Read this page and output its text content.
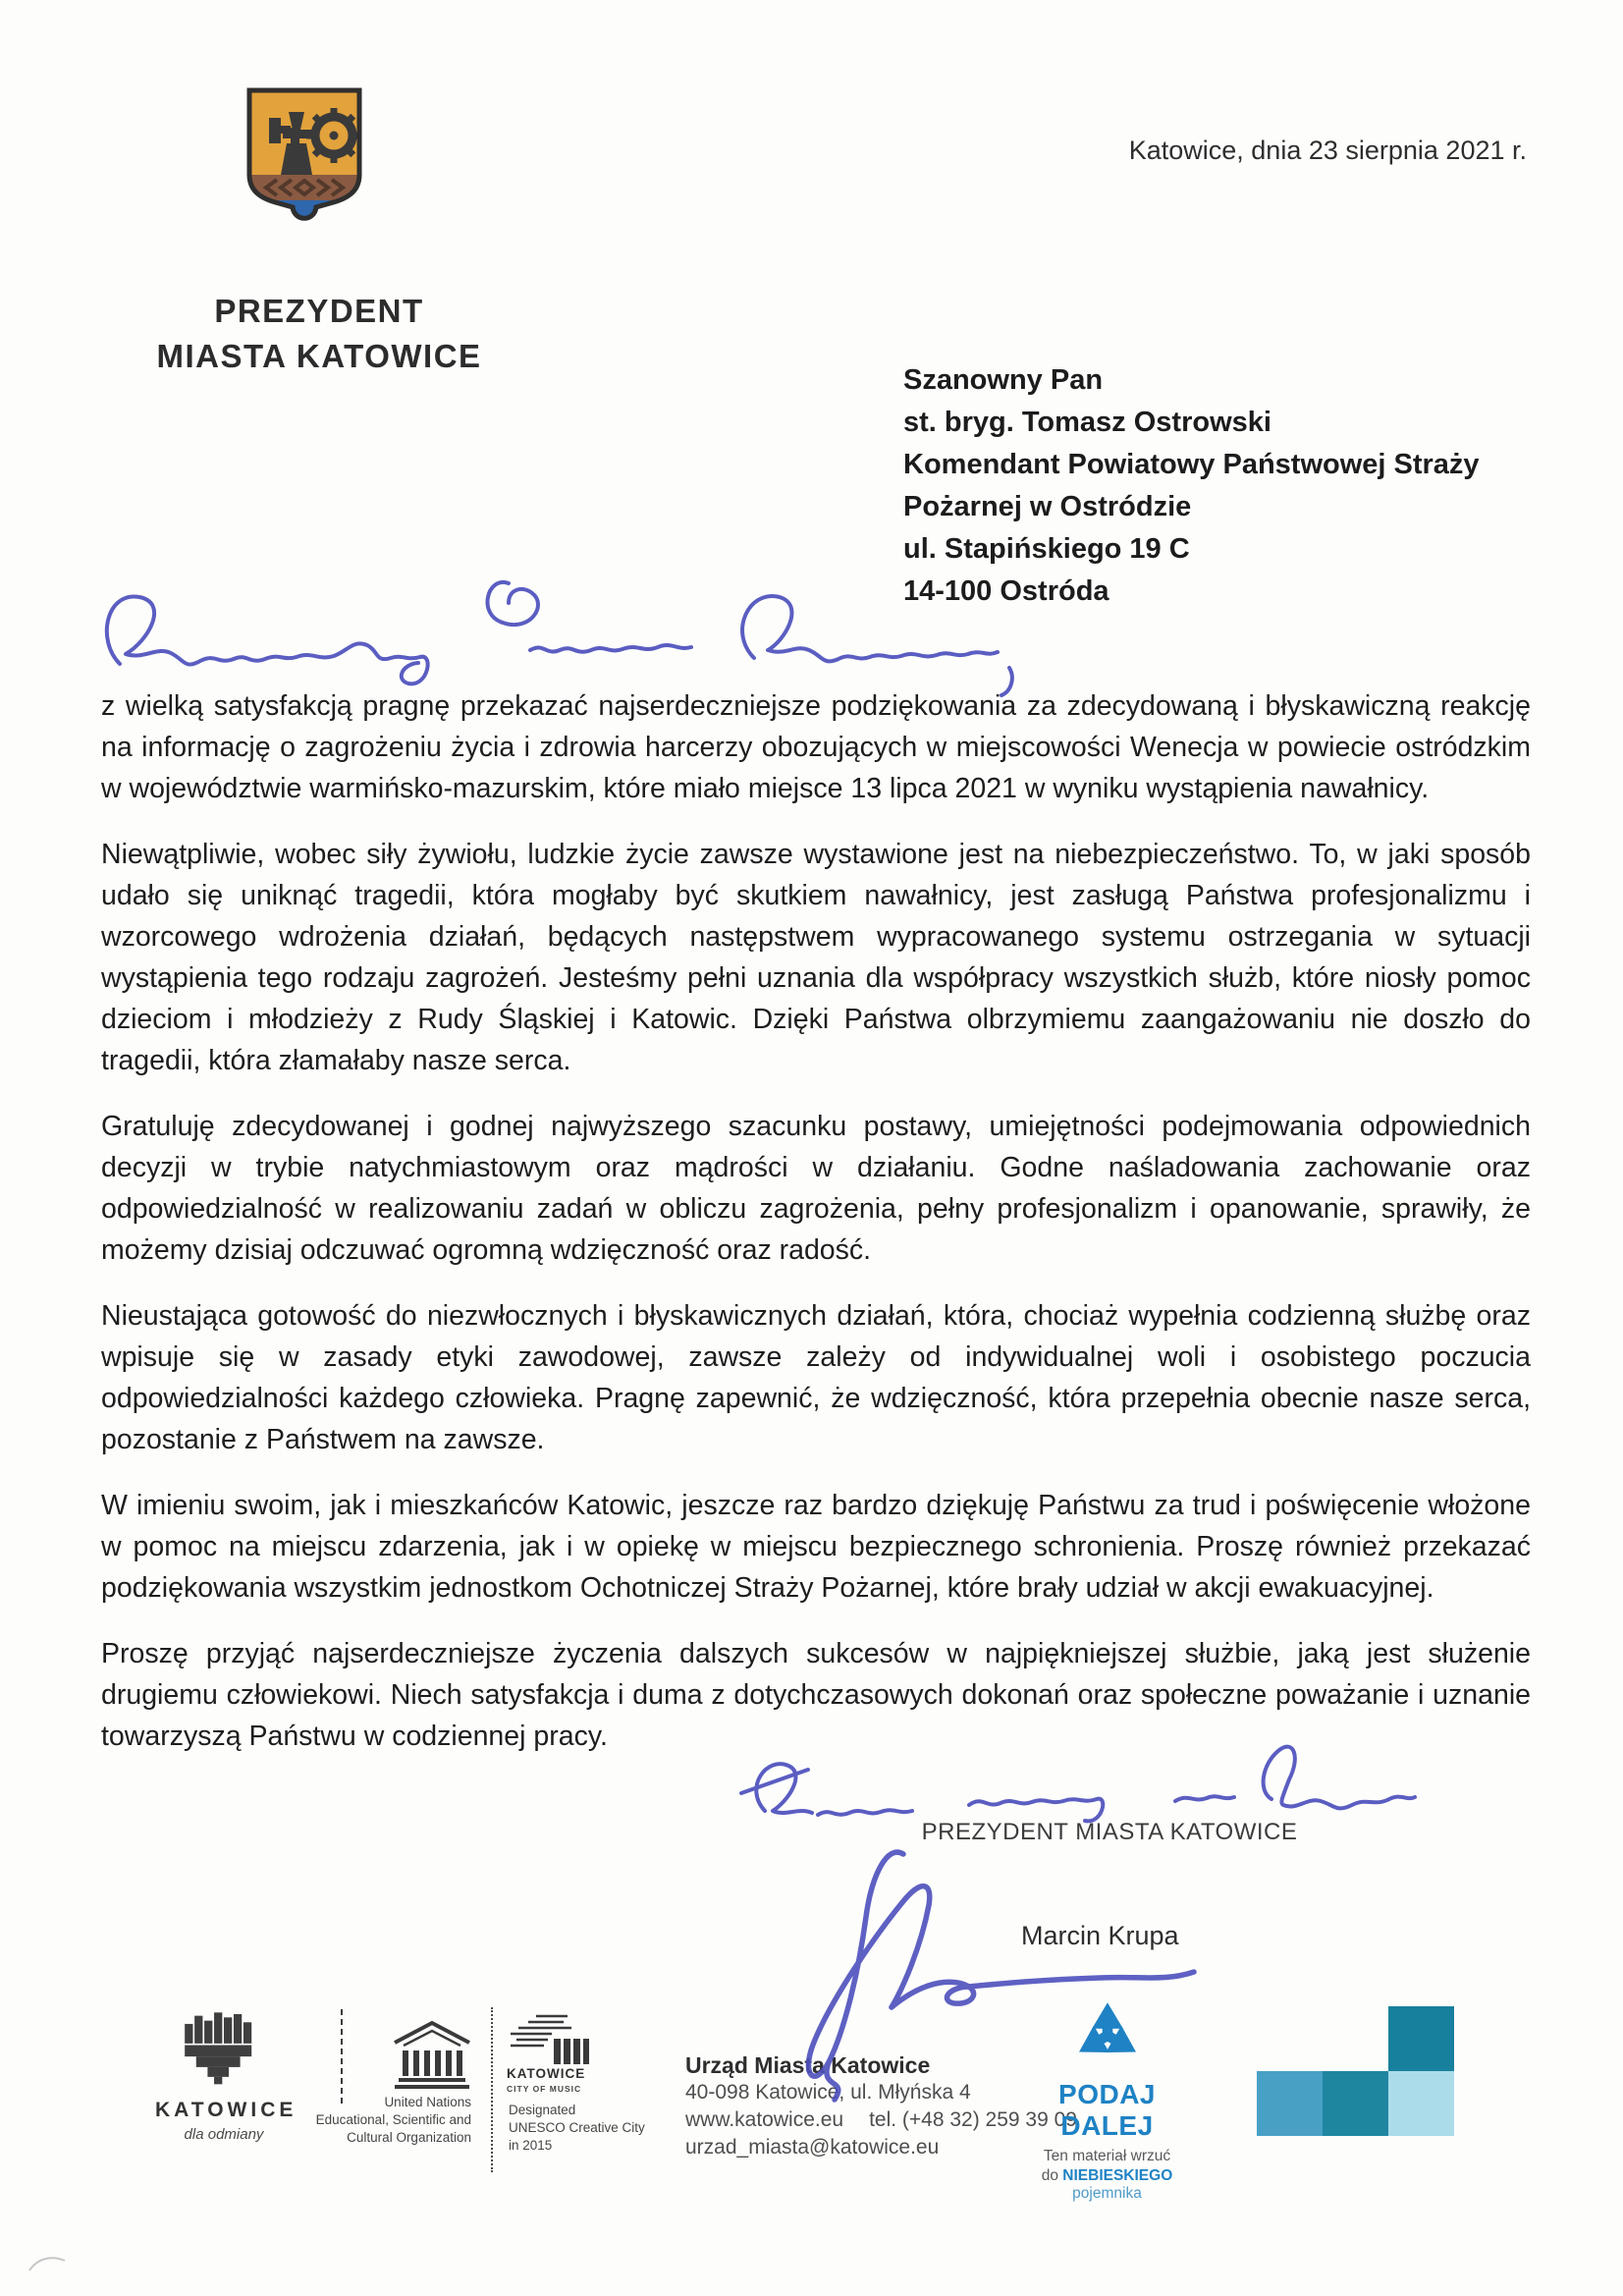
Katowice, dnia 23 sierpnia 2021 r.
PREZYDENT
MIASTA KATOWICE
Szanowny Pan
st. bryg. Tomasz Ostrowski
Komendant Powiatowy Państwowej Straży
Pożarnej w Ostródzie
ul. Stapińskiego 19 C
14-100 Ostróda

z wielką satysfakcją pragnę przekazać najserdeczniejsze podziękowania za zdecydowaną i błyskawiczną reakcję na informację o zagrożeniu życia i zdrowia harcerzy obozujących w miejscowości Wenecja w powiecie ostródzkim w województwie warmińsko-mazurskim, które miało miejsce 13 lipca 2021 w wyniku wystąpienia nawałnicy.

Niewątpliwie, wobec siły żywiołu, ludzkie życie zawsze wystawione jest na niebezpieczeństwo. To, w jaki sposób udało się uniknąć tragedii, która mogłaby być skutkiem nawałnicy, jest zasługą Państwa profesjonalizmu i wzorcowego wdrożenia działań, będących następstwem wypracowanego systemu ostrzegania w sytuacji wystąpienia tego rodzaju zagrożeń. Jesteśmy pełni uznania dla współpracy wszystkich służb, które niosły pomoc dzieciom i młodzieży z Rudy Śląskiej i Katowic. Dzięki Państwa olbrzymiemu zaangażowaniu nie doszło do tragedii, która złamałaby nasze serca.

Gratuluję zdecydowanej i godnej najwyższego szacunku postawy, umiejętności podejmowania odpowiednich decyzji w trybie natychmiastowym oraz mądrości w działaniu. Godne naśladowania zachowanie oraz odpowiedzialność w realizowaniu zadań w obliczu zagrożenia, pełny profesjonalizm i opanowanie, sprawiły, że możemy dzisiaj odczuwać ogromną wdzięczność oraz radość.

Nieustająca gotowość do niezwłocznych i błyskawicznych działań, która, chociaż wypełnia codzienną służbę oraz wpisuje się w zasady etyki zawodowej, zawsze zależy od indywidualnej woli i osobistego poczucia odpowiedzialności każdego człowieka. Pragnę zapewnić, że wdzięczność, która przepełnia obecnie nasze serca, pozostanie z Państwem na zawsze.

W imieniu swoim, jak i mieszkańców Katowic, jeszcze raz bardzo dziękuję Państwu za trud i poświęcenie włożone w pomoc na miejscu zdarzenia, jak i w opiekę w miejscu bezpiecznego schronienia. Proszę również przekazać podziękowania wszystkim jednostkom Ochotniczej Straży Pożarnej, które brały udział w akcji ewakuacyjnej.

Proszę przyjąć najserdeczniejsze życzenia dalszych sukcesów w najpiękniejszej służbie, jaką jest służenie drugiemu człowiekowi. Niech satysfakcja i duma z dotychczasowych dokonań oraz społeczne poważanie i uznanie towarzyszą Państwu w codziennej pracy.

PREZYDENT MIASTA KATOWICE
Marcin Krupa
KATOWICE
dla odmiany
United Nations
Educational, Scientific and
Cultural Organization
KATOWICE
CITY OF MUSIC
Designated
UNESCO Creative City
in 2015
Urząd Miasta Katowice
40-098 Katowice, ul. Młyńska 4
www.katowice.eu tel. (+48 32) 259 39 09
urzad_miasta@katowice.eu
PODAJ DALEJ
Ten materiał wrzuć
do NIEBIESKIEGO pojemnika
